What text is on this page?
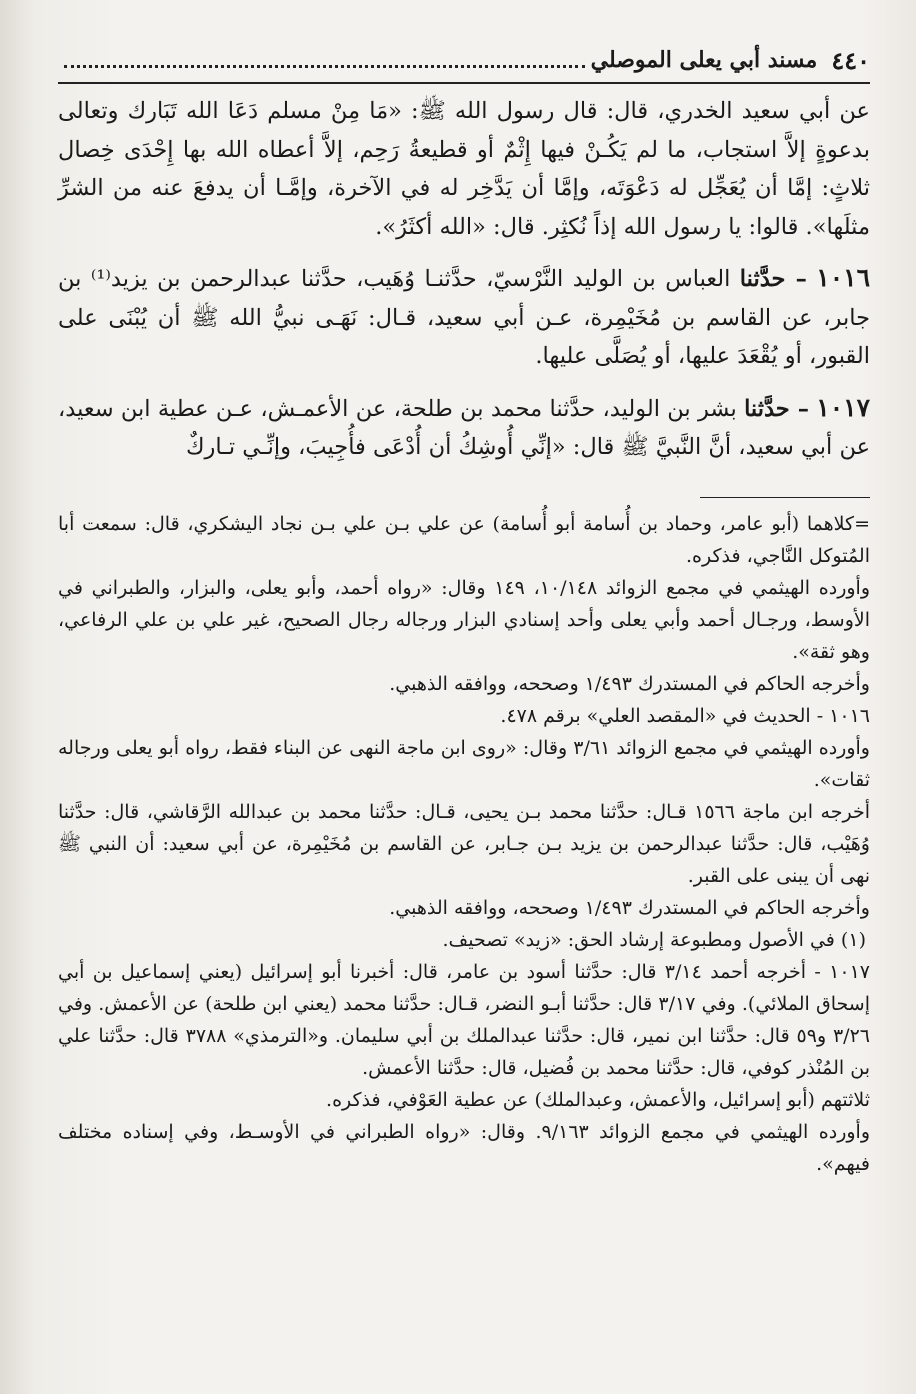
٤٤٠
مسند أبي يعلى الموصلي

عن أبي سعيد الخدري، قال: قال رسول الله ﷺ: «مَا مِنْ مسلم دَعَا الله تَبَارك وتعالى بدعوةٍ إلاَّ استجاب، ما لم يَكُـنْ فيها إِثْمٌ أو قطيعةُ رَحِم، إلاَّ أعطاه الله بها إِحْدَى خِصال ثلاثٍ: إمَّا أن يُعَجِّل له دَعْوَتَه، وإمَّا أن يَدَّخِر له في الآخرة، وإمَّـا أن يدفعَ عنه من الشرِّ مثلَها». قالوا: يا رسول الله إذاً نُكثِر. قال: «الله أكثَرُ».

١٠١٦ – حدَّثنا العباس بن الوليد النَّرْسيّ، حدَّثنـا وُهَيب، حدَّثنا عبدالرحمن بن يزيد⁽¹⁾ بن جابر، عن القاسم بن مُخَيْمِرة، عـن أبي سعيد، قـال: نَهَـى نبيُّ الله ﷺ أن يُبْنَى على القبور، أو يُقْعَدَ عليها، أو يُصَلَّى عليها.

١٠١٧ – حدَّثنا بشر بن الوليد، حدَّثنا محمد بن طلحة، عن الأعمـش، عـن عطية ابن سعيد، عن أبي سعيد، أنَّ النَّبيَّ ﷺ قال: «إنِّي أُوشِكُ أن أُدْعَى فأُجِيبَ، وإنِّـي تـاركٌ

=كلاهما (أبو عامر، وحماد بن أُسامة أبو أُسامة) عن علي بـن علي بـن نجاد اليشكري، قال: سمعت أبا المُتوكل النَّاجي، فذكره.

وأورده الهيثمي في مجمع الزوائد ١٠/١٤٨، ١٤٩ وقال: «رواه أحمد، وأبو يعلى، والبزار، والطبراني في الأوسط، ورجـال أحمد وأبي يعلى وأحد إسنادي البزار ورجاله رجال الصحيح، غير علي بن علي الرفاعي، وهو ثقة».

وأخرجه الحاكم في المستدرك ١/٤٩٣ وصححه، ووافقه الذهبي.

١٠١٦ - الحديث في «المقصد العلي» برقم ٤٧٨.

وأورده الهيثمي في مجمع الزوائد ٣/٦١ وقال: «روى ابن ماجة النهى عن البناء فقط، رواه أبو يعلى ورجاله ثقات».

أخرجه ابن ماجة ١٥٦٦ قـال: حدَّثنا محمد بـن يحيى، قـال: حدَّثنا محمد بن عبدالله الرَّقاشي، قال: حدَّثنا وُهَيْب، قال: حدَّثنا عبدالرحمن بن يزيد بـن جـابر، عن القاسم بن مُخَيْمِرة، عن أبي سعيد: أن النبي ﷺ نهى أن يبنى على القبر.

وأخرجه الحاكم في المستدرك ١/٤٩٣ وصححه، ووافقه الذهبي.

(١) في الأصول ومطبوعة إرشاد الحق: «زيد» تصحيف.

١٠١٧ - أخرجه أحمد ٣/١٤ قال: حدَّثنا أسود بن عامر، قال: أخبرنا أبو إسرائيل (يعني إسماعيل بن أبي إسحاق الملائي). وفي ٣/١٧ قال: حدَّثنا أبـو النضر، قـال: حدَّثنا محمد (يعني ابن طلحة) عن الأعمش. وفي ٣/٢٦ و٥٩ قال: حدَّثنا ابن نمير، قال: حدَّثنا عبدالملك بن أبي سليمان. و«الترمذي» ٣٧٨٨ قال: حدَّثنا علي بن المُنْذر كوفي، قال: حدَّثنا محمد بن فُضيل، قال: حدَّثنا الأعمش.

ثلاثتهم (أبو إسرائيل، والأعمش، وعبدالملك) عن عطية العَوْفي، فذكره.

وأورده الهيثمي في مجمع الزوائد ٩/١٦٣. وقال: «رواه الطبراني في الأوسـط، وفي إسناده مختلف فيهم».
